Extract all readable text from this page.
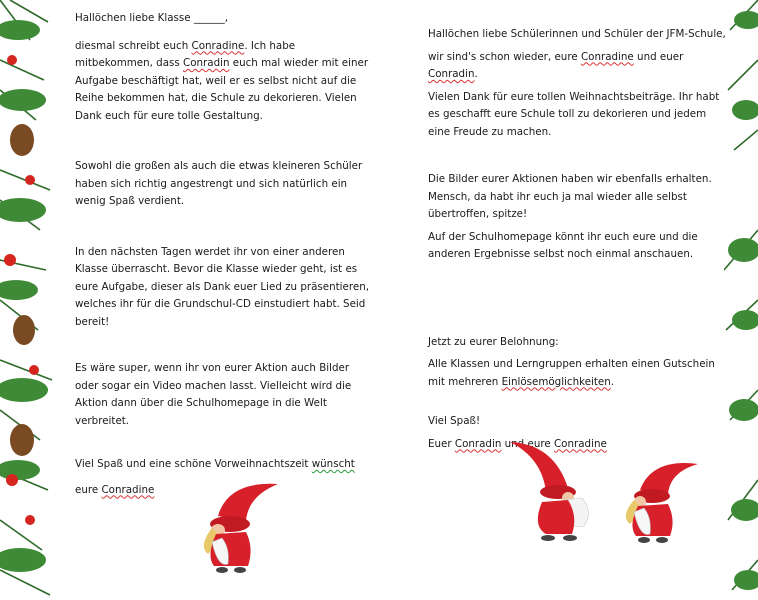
Hallöchen liebe Klasse ______,

diesmal schreibt euch Conradine. Ich habe mitbekommen, dass Conradin euch mal wieder mit einer Aufgabe beschäftigt hat, weil er es selbst nicht auf die Reihe bekommen hat, die Schule zu dekorieren. Vielen Dank euch für eure tolle Gestaltung.

Sowohl die großen als auch die etwas kleineren Schüler haben sich richtig angestrengt und sich natürlich ein wenig Spaß verdient.

In den nächsten Tagen werdet ihr von einer anderen Klasse überrascht. Bevor die Klasse wieder geht, ist es eure Aufgabe, dieser als Dank euer Lied zu präsentieren, welches ihr für die Grundschul-CD einstudiert habt. Seid bereit!

Es wäre super, wenn ihr von eurer Aktion auch Bilder oder sogar ein Video machen lasst. Vielleicht wird die Aktion dann über die Schulhomepage in die Welt verbreitet.

Viel Spaß und eine schöne Vorweihnachtszeit wünscht

eure Conradine

Hallöchen liebe Schülerinnen und Schüler der JFM-Schule,

wir sind's schon wieder, eure Conradine und euer Conradin.

Vielen Dank für eure tollen Weihnachtsbeiträge. Ihr habt es geschafft eure Schule toll zu dekorieren und jedem eine Freude zu machen.

Die Bilder eurer Aktionen haben wir ebenfalls erhalten. Mensch, da habt ihr euch ja mal wieder alle selbst übertroffen, spitze!

Auf der Schulhomepage könnt ihr euch eure und die anderen Ergebnisse selbst noch einmal anschauen.

Jetzt zu eurer Belohnung:

Alle Klassen und Lerngruppen erhalten einen Gutschein mit mehreren Einlösemöglichkeiten.

Viel Spaß!

Euer Conradin und eure Conradine
